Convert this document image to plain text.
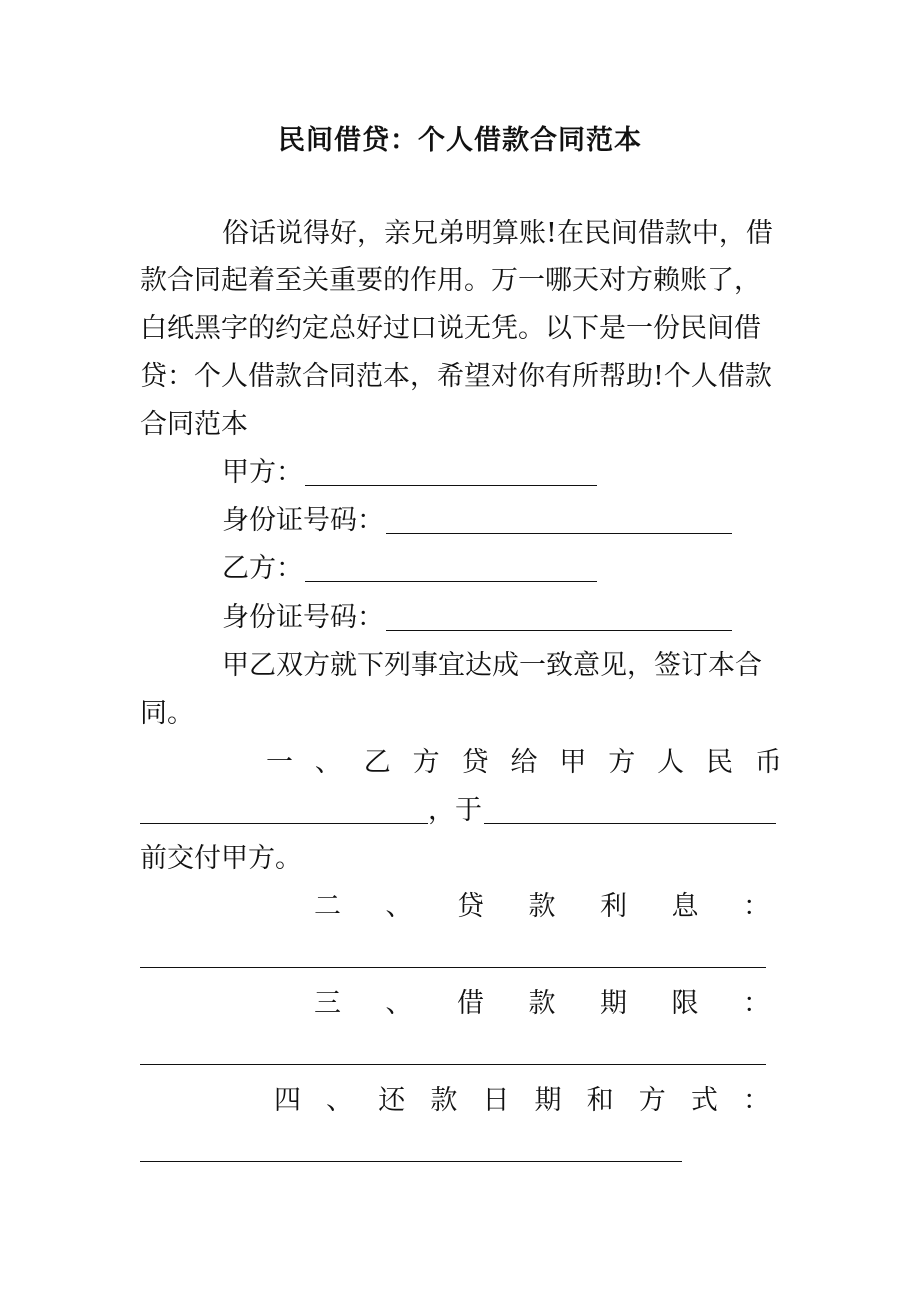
民间借贷：个人借款合同范本
俗话说得好，亲兄弟明算账!在民间借款中，借
款合同起着至关重要的作用。万一哪天对方赖账了，
白纸黑字的约定总好过口说无凭。以下是一份民间借
贷：个人借款合同范本，希望对你有所帮助!个人借款
合同范本
甲方：
身份证号码：
乙方：
身份证号码：
甲乙双方就下列事宜达成一致意见，签订本合
同。
一 、 乙 方 贷 给 甲 方 人 民 币
，于
前交付甲方。
二 、 贷 款 利 息 ：
三 、 借 款 期 限 ：
四 、 还 款 日 期 和 方 式 ：
